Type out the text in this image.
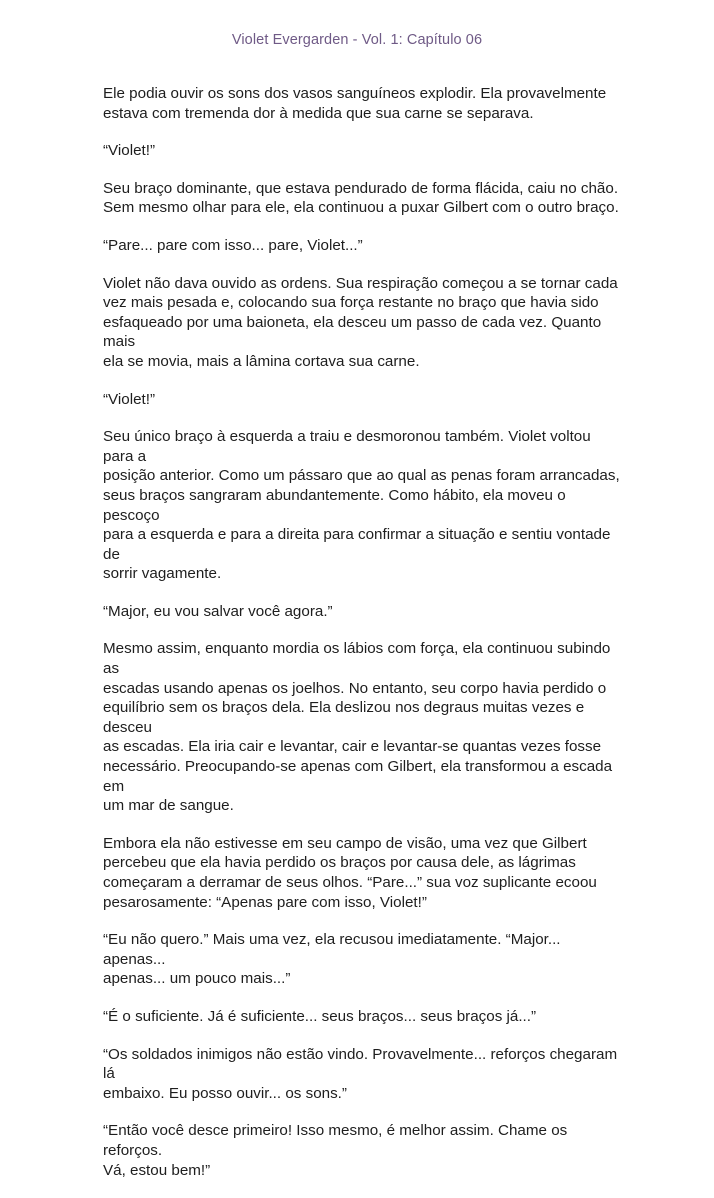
Violet Evergarden - Vol. 1: Capítulo 06

Ele podia ouvir os sons dos vasos sanguíneos explodir. Ela provavelmente
estava com tremenda dor à medida que sua carne se separava.

“Violet!”

Seu braço dominante, que estava pendurado de forma flácida, caiu no chão.
Sem mesmo olhar para ele, ela continuou a puxar Gilbert com o outro braço.

“Pare... pare com isso... pare, Violet...”

Violet não dava ouvido as ordens. Sua respiração começou a se tornar cada
vez mais pesada e, colocando sua força restante no braço que havia sido
esfaqueado por uma baioneta, ela desceu um passo de cada vez. Quanto mais
ela se movia, mais a lâmina cortava sua carne.

“Violet!”

Seu único braço à esquerda a traiu e desmoronou também. Violet voltou para a
posição anterior. Como um pássaro que ao qual as penas foram arrancadas,
seus braços sangraram abundantemente. Como hábito, ela moveu o pescoço
para a esquerda e para a direita para confirmar a situação e sentiu vontade de
sorrir vagamente.

“Major, eu vou salvar você agora.”

Mesmo assim, enquanto mordia os lábios com força, ela continuou subindo as
escadas usando apenas os joelhos. No entanto, seu corpo havia perdido o
equilíbrio sem os braços dela. Ela deslizou nos degraus muitas vezes e desceu
as escadas. Ela iria cair e levantar, cair e levantar-se quantas vezes fosse
necessário. Preocupando-se apenas com Gilbert, ela transformou a escada em
um mar de sangue.

Embora ela não estivesse em seu campo de visão, uma vez que Gilbert
percebeu que ela havia perdido os braços por causa dele, as lágrimas
começaram a derramar de seus olhos. “Pare...” sua voz suplicante ecoou
pesarosamente: “Apenas pare com isso, Violet!”

“Eu não quero.” Mais uma vez, ela recusou imediatamente. “Major... apenas...
apenas... um pouco mais...”

“É o suficiente. Já é suficiente... seus braços... seus braços já...”

“Os soldados inimigos não estão vindo. Provavelmente... reforços chegaram lá
embaixo. Eu posso ouvir... os sons.”

“Então você desce primeiro! Isso mesmo, é melhor assim. Chame os reforços.
Vá, estou bem!”
